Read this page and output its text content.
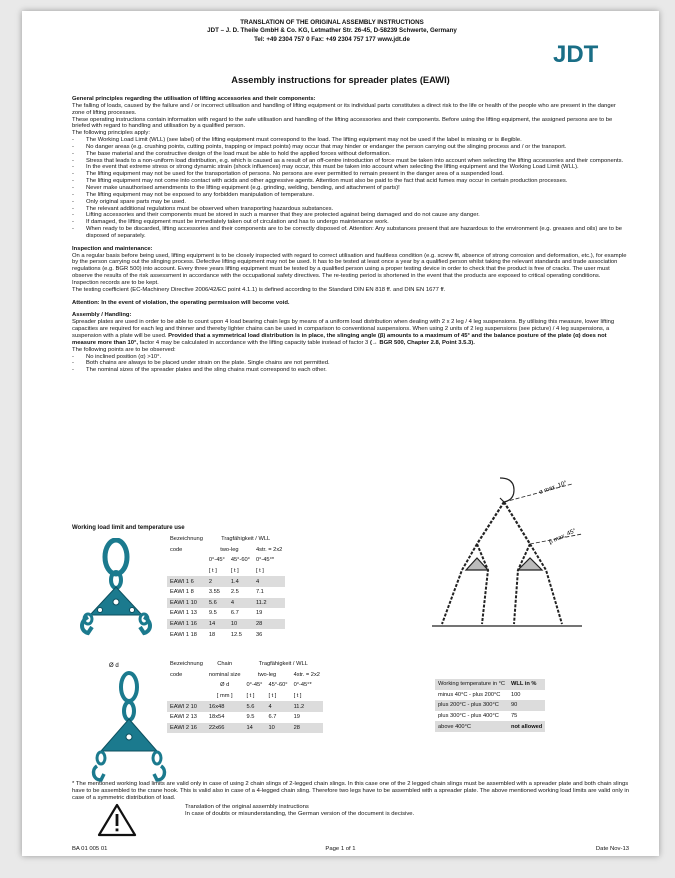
TRANSLATION OF THE ORIGINAL ASSEMBLY INSTRUCTIONS
JDT – J. D. Theile GmbH & Co. KG, Letmather Str. 26-45, D-58239 Schwerte, Germany
Tel: +49 2304 757 0 Fax: +49 2304 757 177 www.jdt.de
JDT
Assembly instructions for spreader plates (EAWI)

General principles regarding the utilisation of lifting accessories and their components:

The falling of loads, caused by the failure and / or incorrect utilisation and handling of lifting equipment or its individual parts constitutes a direct risk to the life or health of the people who are present in the danger zone of lifting processes.

These operating instructions contain information with regard to the safe utilisation and handling of the lifting accessories and their components. Before using the lifting equipment, the assigned persons are to be briefed with regard to handling and utilisation by a qualified person.

The following principles apply:

- The Working Load Limit (WLL) (see label) of the lifting equipment must correspond to the load. The lifting equipment may not be used if the label is missing or is illegible.
- No danger areas (e.g. crushing points, cutting points, trapping or impact points) may occur that may hinder or endanger the person carrying out the slinging process and / or the transport.
- The base material and the constructive design of the load must be able to hold the applied forces without deformation.
- Stress that leads to a non-uniform load distribution, e.g. which is caused as a result of an off-centre introduction of force must be taken into account when selecting the lifting accessories and their components.
- In the event that extreme stress or strong dynamic strain (shock influences) may occur, this must be taken into account when selecting the lifting equipment and the Working Load Limit (WLL).
- The lifting equipment may not be used for the transportation of persons. No persons are ever permitted to remain present in the danger area of a suspended load.
- The lifting equipment may not come into contact with acids and other aggressive agents. Attention must also be paid to the fact that acid fumes may occur in certain production processes.
- Never make unauthorised amendments to the lifting equipment (e.g. grinding, welding, bending, and attachment of parts)!
- The lifting equipment may not be exposed to any forbidden manipulation of temperature.
- Only original spare parts may be used.
- The relevant additional regulations must be observed when transporting hazardous substances.
- Lifting accessories and their components must be stored in such a manner that they are protected against being damaged and do not cause any danger.
- If damaged, the lifting equipment must be immediately taken out of circulation and has to undergo maintenance work.
- When ready to be discarded, lifting accessories and their components are to be correctly disposed of. Attention: Any substances present that are hazardous to the environment (e.g. greases and oils) are to be disposed of separately.

Inspection and maintenance:

On a regular basis before being used, lifting equipment is to be closely inspected with regard to correct utilisation and faultless condition (e.g. screw fit, absence of strong corrosion and deformation, etc.), for example by the person carrying out the slinging process. Defective lifting equipment may not be used. It has to be tested at least once a year by a qualified person whilst taking the relevant standards and trade association regulations (e.g. BGR 500) into account. Every three years lifting equipment must be tested by a qualified person using a proper testing device in order to check that the product is free of cracks. The user must observe the results of the risk assessment in accordance with the occupational safety directives. The re-testing period is shortened in the event that the products are exposed to critical operating conditions. Inspection records are to be kept.

The testing coefficient (EC-Machinery Directive 2006/42/EC point 4.1.1) is defined according to the Standard DIN EN 818 ff. and DIN EN 1677 ff.

Attention: In the event of violation, the operating permission will become void.

Assembly / Handling:

Spreader plates are used in order to be able to count upon 4 load bearing chain legs by means of a uniform load distribution when dealing with 2 x 2 leg / 4 leg suspensions. By utilising this measure, lower lifting capacities are required for each leg and thinner and thereby lighter chains can be used in comparison to conventional suspensions. When using 2 units of 2 leg suspensions (see picture) / 4 leg suspensions, a suspension with a plate will be used. Provided that a symmetrical load distribution is in place, the slinging angle (β) amounts to a maximum of 45° and the balance posture of the plate (α) does not measure more than 10°, factor 4 may be calculated in accordance with the lifting capacity table instead of factor 3 (→ BGR 500, Chapter 2.8, Point 3.5.3).

The following points are to be observed:

- No inclined position (α) >10°.
- Both chains are always to be placed under strain on the plate. Single chains are not permitted.
- The nominal sizes of the spreader plates and the sling chains must correspond to each other.
Working load limit and temperature use
Bezeichnung	Tragfähigkeit / WLL		
code	two-leg		4str. = 2x2
	0°-45°	45°-60°	0°-45°*
	[ t ]	[ t ]	[ t ]
EAWI 1 6	2	1.4	4
EAWI 1 8	3.55	2.5	7.1
EAWI 1 10	5.6	4	11.2
EAWI 1 13	9.5	6.7	19
EAWI 1 16	14	10	28
EAWI 1 18	18	12.5	36
α max. 10°
β max. 45°
Ø d	Bezeichnung	Chain	Tragfähigkeit / WLL		
code	nominal size	two-leg		4str. = 2x2
	Ø d	0°-45°	45°-60°	0°-45°*
	[ mm ]	[ t ]	[ t ]	[ t ]
EAWI 2 10	16x48	5.6	4	11.2
EAWI 2 13	18x54	9.5	6.7	19
EAWI 2 16	22x66	14	10	28
Working temperature in °C	WLL in %
minus 40°C - plus 200°C	100
plus 200°C - plus 300°C	90
plus 300°C - plus 400°C	75
above 400°C	not allowed
* The mentioned working load limits are valid only in case of using 2 chain slings of 2-legged chain slings. In this case one of the 2 legged chain slings must be assembled with a spreader plate and both chain slings have to be assembled to the crane hook. This is valid also in case of a 4-legged chain sling. Therefore two legs have to be assembled with a spreader plate. The above mentioned working load limits are valid only in case of a symmetric distribution of load.
Translation of the original assembly instructions
In case of doubts or misunderstanding, the German version of the document is decisive.
BA 01 005 01	Page 1 of 1	Date Nov-13
